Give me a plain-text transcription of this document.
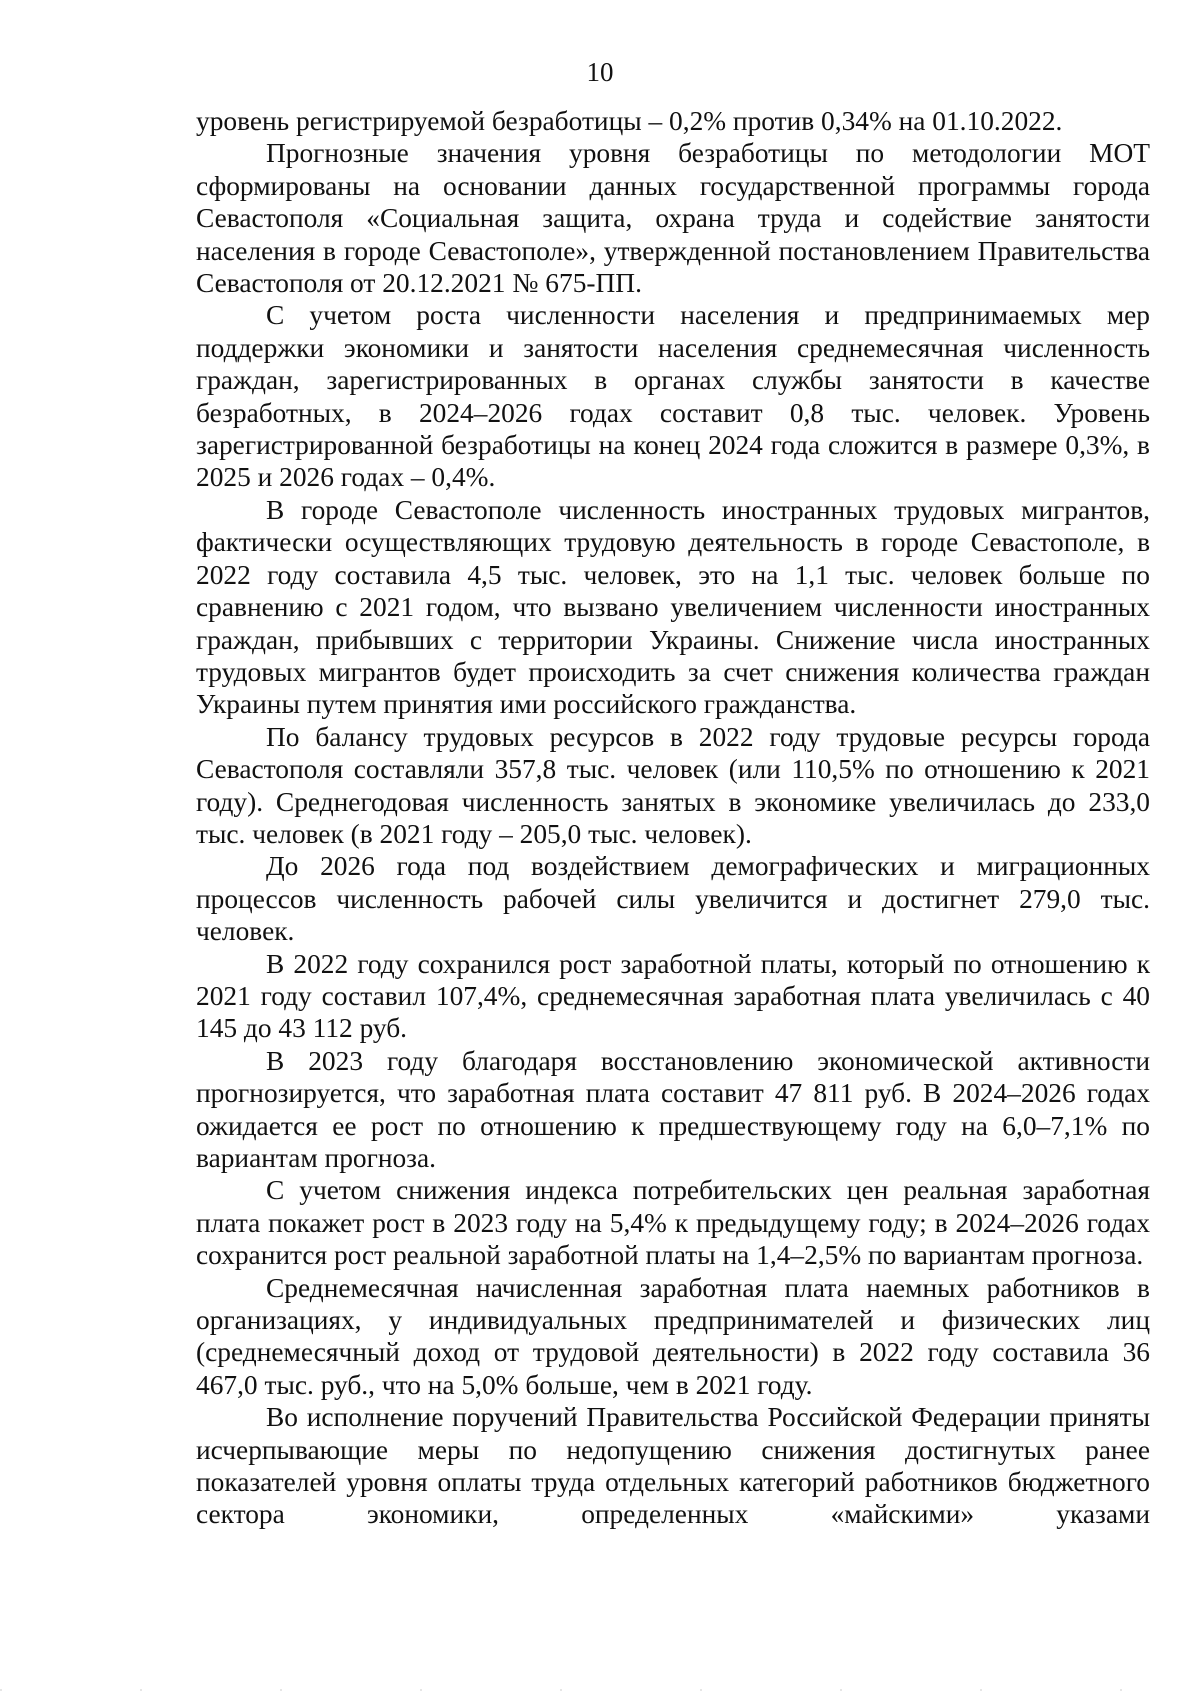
10

уровень регистрируемой безработицы – 0,2% против 0,34% на 01.10.2022.

Прогнозные значения уровня безработицы по методологии МОТ сформированы на основании данных государственной программы города Севастополя «Социальная защита, охрана труда и содействие занятости населения в городе Севастополе», утвержденной постановлением Правительства Севастополя от 20.12.2021 № 675-ПП.

С учетом роста численности населения и предпринимаемых мер поддержки экономики и занятости населения среднемесячная численность граждан, зарегистрированных в органах службы занятости в качестве безработных, в 2024–2026 годах составит 0,8 тыс. человек. Уровень зарегистрированной безработицы на конец 2024 года сложится в размере 0,3%, в 2025 и 2026 годах – 0,4%.

В городе Севастополе численность иностранных трудовых мигрантов, фактически осуществляющих трудовую деятельность в городе Севастополе, в 2022 году составила 4,5 тыс. человек, это на 1,1 тыс. человек больше по сравнению с 2021 годом, что вызвано увеличением численности иностранных граждан, прибывших с территории Украины. Снижение числа иностранных трудовых мигрантов будет происходить за счет снижения количества граждан Украины путем принятия ими российского гражданства.

По балансу трудовых ресурсов в 2022 году трудовые ресурсы города Севастополя составляли 357,8 тыс. человек (или 110,5% по отношению к 2021 году). Среднегодовая численность занятых в экономике увеличилась до 233,0 тыс. человек (в 2021 году – 205,0 тыс. человек).

До 2026 года под воздействием демографических и миграционных процессов численность рабочей силы увеличится и достигнет 279,0 тыс. человек.

В 2022 году сохранился рост заработной платы, который по отношению к 2021 году составил 107,4%, среднемесячная заработная плата увеличилась с 40 145 до 43 112 руб.

В 2023 году благодаря восстановлению экономической активности прогнозируется, что заработная плата составит 47 811 руб. В 2024–2026 годах ожидается ее рост по отношению к предшествующему году на 6,0–7,1% по вариантам прогноза.

С учетом снижения индекса потребительских цен реальная заработная плата покажет рост в 2023 году на 5,4% к предыдущему году; в 2024–2026 годах сохранится рост реальной заработной платы на 1,4–2,5% по вариантам прогноза.

Среднемесячная начисленная заработная плата наемных работников в организациях, у индивидуальных предпринимателей и физических лиц (среднемесячный доход от трудовой деятельности) в 2022 году составила 36 467,0 тыс. руб., что на 5,0% больше, чем в 2021 году.

Во исполнение поручений Правительства Российской Федерации приняты исчерпывающие меры по недопущению снижения достигнутых ранее показателей уровня оплаты труда отдельных категорий работников бюджетного сектора экономики, определенных «майскими» указами
